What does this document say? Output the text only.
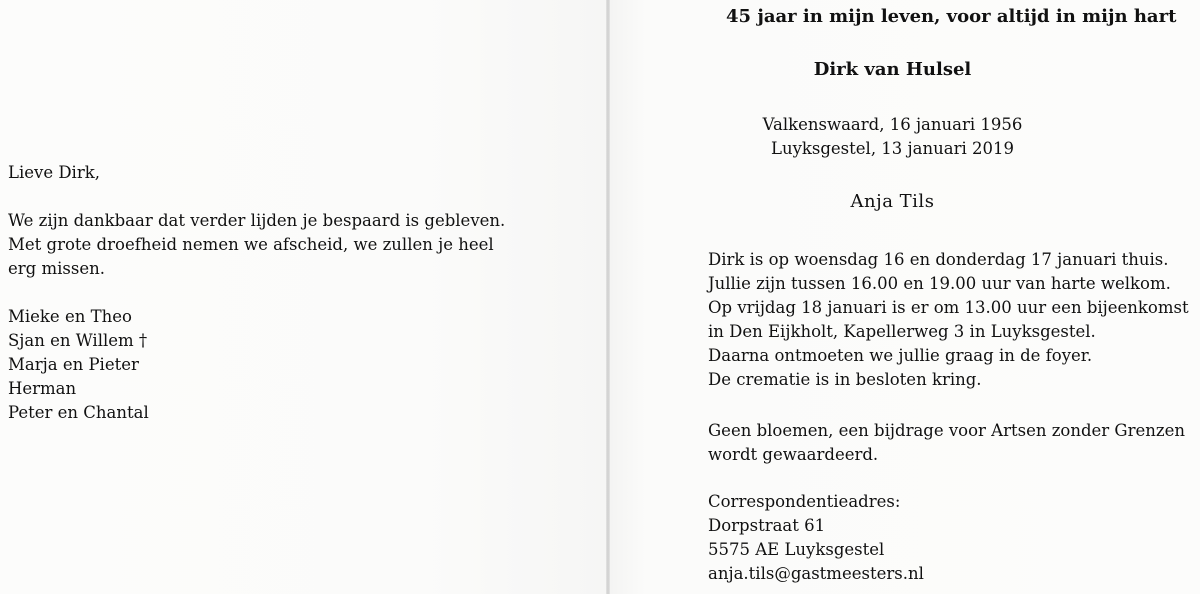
Lieve Dirk,
We zijn dankbaar dat verder lijden je bespaard is gebleven.
Met grote droefheid nemen we afscheid, we zullen je heel
erg missen.
Mieke en Theo
Sjan en Willem †
Marja en Pieter
Herman
Peter en Chantal
45 jaar in mijn leven, voor altijd in mijn hart
Dirk van Hulsel
Valkenswaard, 16 januari 1956
Luyksgestel, 13 januari 2019
Anja Tils
Dirk is op woensdag 16 en donderdag 17 januari thuis.
Jullie zijn tussen 16.00 en 19.00 uur van harte welkom.
Op vrijdag 18 januari is er om 13.00 uur een bijeenkomst
in Den Eijkholt, Kapellerweg 3 in Luyksgestel.
Daarna ontmoeten we jullie graag in de foyer.
De crematie is in besloten kring.
Geen bloemen, een bijdrage voor Artsen zonder Grenzen
wordt gewaardeerd.
Correspondentieadres:
Dorpstraat 61
5575 AE Luyksgestel
anja.tils@gastmeesters.nl
